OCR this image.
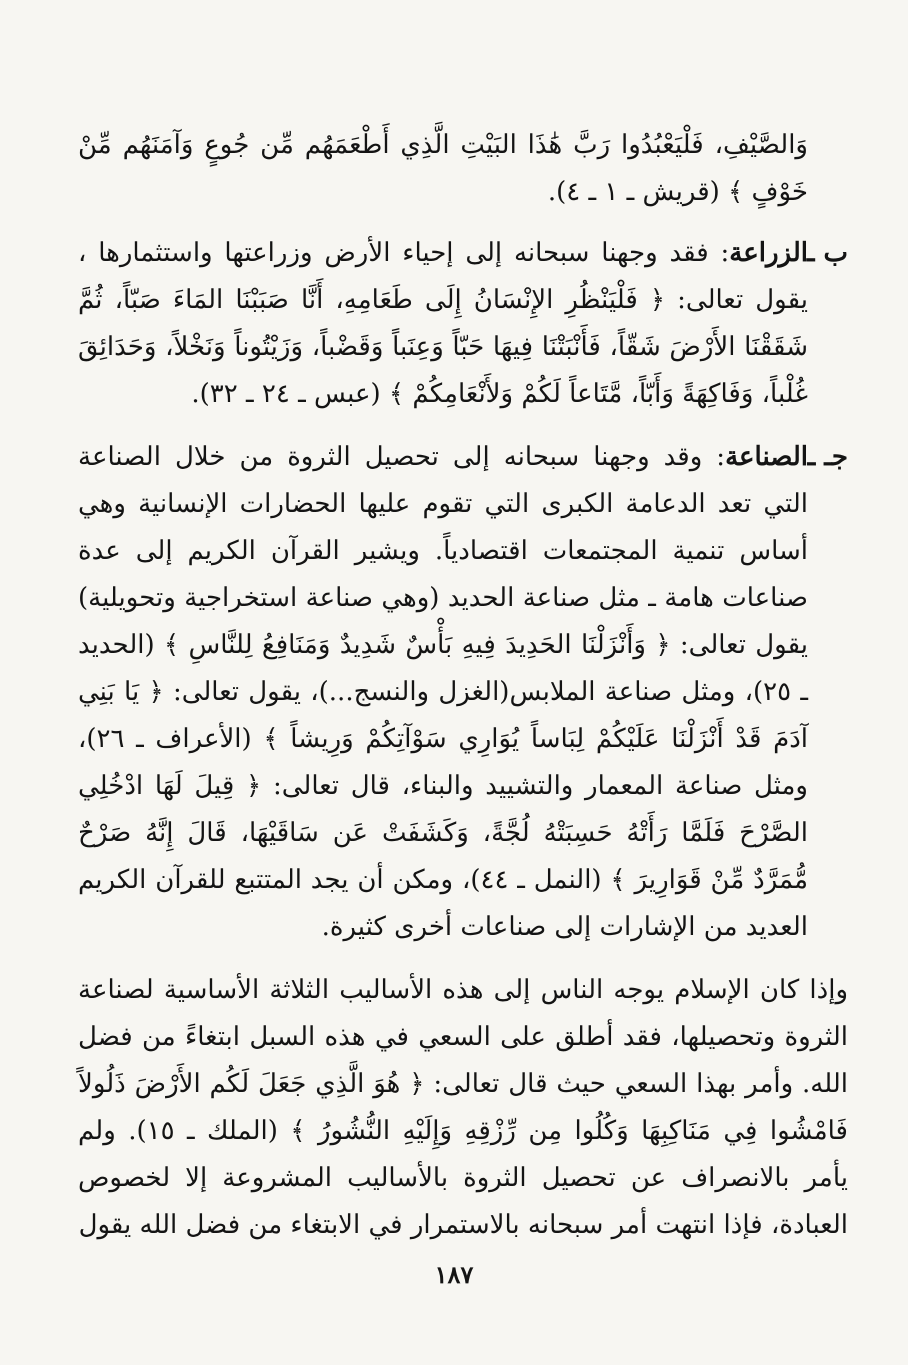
وَالصَّيْفِ، فَلْيَعْبُدُوا رَبَّ هَٰذَا البَيْتِ الَّذِي أَطْعَمَهُم مِّن جُوعٍ وَآمَنَهُم مِّنْ خَوْفٍ ﴾ (قريش ـ ١ ـ ٤).

ب ـ
الزراعة: فقد وجهنا سبحانه إلى إحياء الأرض وزراعتها واستثمارها ، يقول تعالى: ﴿ فَلْيَنْظُرِ الإِنْسَانُ إِلَى طَعَامِهِ، أَنَّا صَبَبْنَا المَاءَ صَبّاً، ثُمَّ شَقَقْنَا الأَرْضَ شَقّاً، فَأَنْبَتْنَا فِيهَا حَبّاً وَعِنَباً وَقَضْباً، وَزَيْتُوناً وَنَخْلاً، وَحَدَائِقَ غُلْباً، وَفَاكِهَةً وَأَبّاً، مَّتَاعاً لَكُمْ وَلأَنْعَامِكُمْ ﴾ (عبس ـ ٢٤ ـ ٣٢).
جـ ـ
الصناعة: وقد وجهنا سبحانه إلى تحصيل الثروة من خلال الصناعة التي تعد الدعامة الكبرى التي تقوم عليها الحضارات الإنسانية وهي أساس تنمية المجتمعات اقتصادياً. ويشير القرآن الكريم إلى عدة صناعات هامة ـ مثل صناعة الحديد (وهي صناعة استخراجية وتحويلية) يقول تعالى: ﴿ وَأَنْزَلْنَا الحَدِيدَ فِيهِ بَأْسٌ شَدِيدٌ وَمَنَافِعُ لِلنَّاسِ ﴾ (الحديد ـ ٢٥)، ومثل صناعة الملابس(الغزل والنسج...)، يقول تعالى: ﴿ يَا بَنِي آدَمَ قَدْ أَنْزَلْنَا عَلَيْكُمْ لِبَاساً يُوَارِي سَوْآتِكُمْ وَرِيشاً ﴾ (الأعراف ـ ٢٦)، ومثل صناعة المعمار والتشييد والبناء، قال تعالى: ﴿ قِيلَ لَهَا ادْخُلِي الصَّرْحَ فَلَمَّا رَأَتْهُ حَسِبَتْهُ لُجَّةً، وَكَشَفَتْ عَن سَاقَيْهَا، قَالَ إِنَّهُ صَرْحٌ مُّمَرَّدٌ مِّنْ قَوَارِيرَ ﴾ (النمل ـ ٤٤)، ومكن أن يجد المتتبع للقرآن الكريم العديد من الإشارات إلى صناعات أخرى كثيرة.

وإذا كان الإسلام يوجه الناس إلى هذه الأساليب الثلاثة الأساسية لصناعة الثروة وتحصيلها، فقد أطلق على السعي في هذه السبل ابتغاءً من فضل الله. وأمر بهذا السعي حيث قال تعالى: ﴿ هُوَ الَّذِي جَعَلَ لَكُم الأَرْضَ ذَلُولاً فَامْشُوا فِي مَنَاكِبِهَا وَكُلُوا مِن رِّزْقِهِ وَإِلَيْهِ النُّشُورُ ﴾ (الملك ـ ١٥). ولم يأمر بالانصراف عن تحصيل الثروة بالأساليب المشروعة إلا لخصوص العبادة، فإذا انتهت أمر سبحانه بالاستمرار في الابتغاء من فضل الله يقول

١٨٧
